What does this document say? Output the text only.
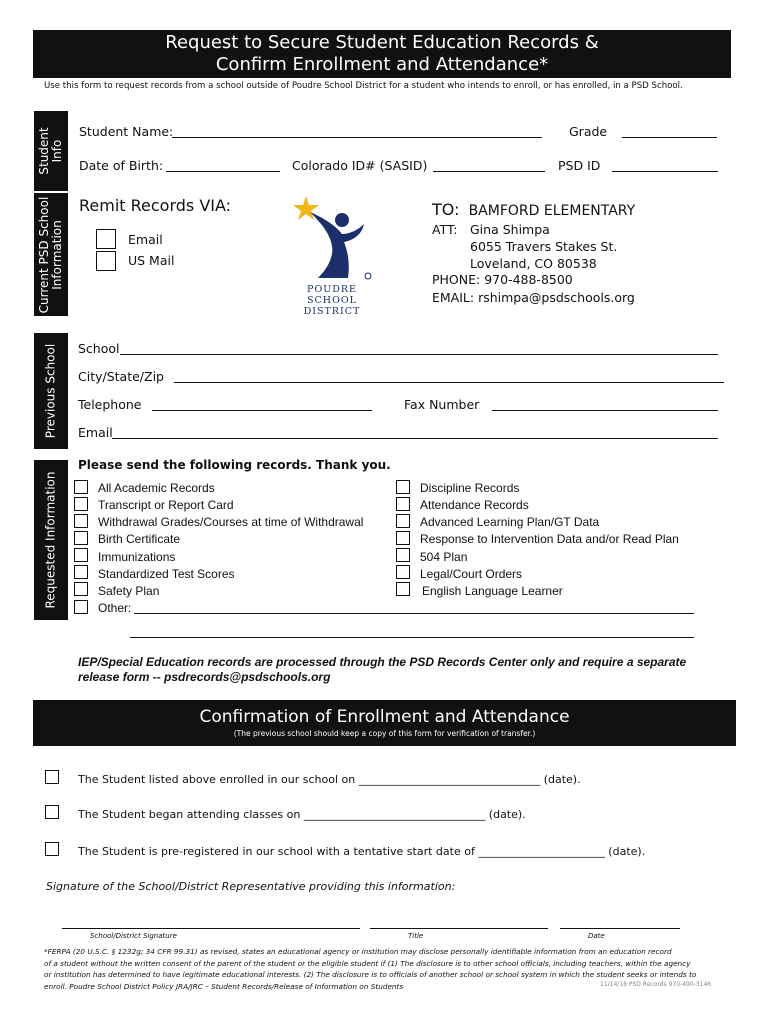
Request to Secure Student Education Records &
Confirm Enrollment and Attendance*
Use this form to request records from a school outside of Poudre School District for a student who intends to enroll, or has enrolled, in a PSD School.
Student Info
Current PSD School Information
Previous School
Requested Information
Student Name:	Grade
Date of Birth:	Colorado ID# (SASID)	PSD ID
Remit Records VIA:
Email
US Mail
POUDRE
SCHOOL
DISTRICT
TO: BAMFORD ELEMENTARY
ATT: Gina Shimpa
6055 Travers Stakes St.
Loveland, CO 80538
PHONE: 970-488-8500
EMAIL: rshimpa@psdschools.org
School
City/State/Zip
Telephone	Fax Number
Email
Please send the following records. Thank you.
All Academic Records
Transcript or Report Card
Withdrawal Grades/Courses at time of Withdrawal
Birth Certificate
Immunizations
Standardized Test Scores
Safety Plan
Other:
Discipline Records
Attendance Records
Advanced Learning Plan/GT Data
Response to Intervention Data and/or Read Plan
504 Plan
Legal/Court Orders
English Language Learner
IEP/Special Education records are processed through the PSD Records Center only and require a separate
release form -- psdrecords@psdschools.org
Confirmation of Enrollment and Attendance
(The previous school should keep a copy of this form for verification of transfer.)
The Student listed above enrolled in our school on _________________________________ (date).
The Student began attending classes on _________________________________ (date).
The Student is pre-registered in our school with a tentative start date of _______________________ (date).
Signature of the School/District Representative providing this information:
School/District Signature	Title	Date
*FERPA (20 U.S.C. § 1232g; 34 CFR 99.31) as revised, states an educational agency or institution may disclose personally identifiable information from an education record
of a student without the written consent of the parent of the student or the eligible student if (1) The disclosure is to other school officials, including teachers, within the agency
or institution has determined to have legitimate educational interests. (2) The disclosure is to officials of another school or school system in which the student seeks or intends to
enroll. Poudre School District Policy JRA/JRC – Student Records/Release of Information on Students	11/14/18 PSD Records 970-490-3146
